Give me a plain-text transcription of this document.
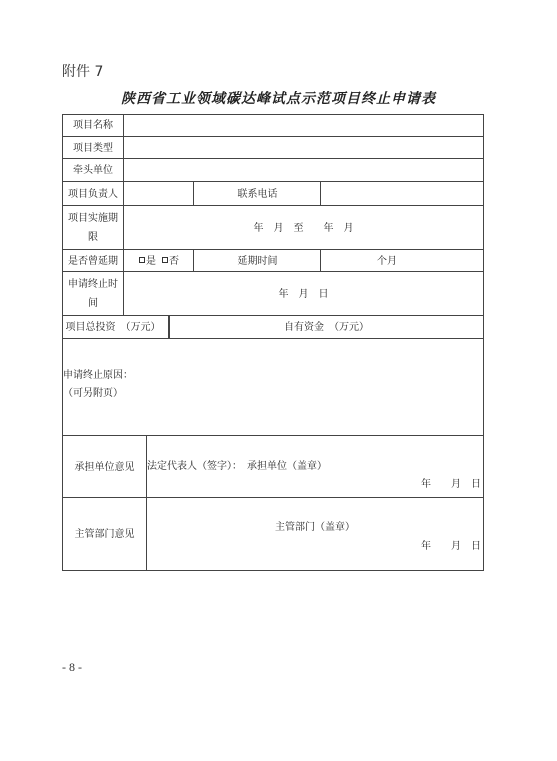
附件 7
陕西省工业领域碳达峰试点示范项目终止申请表
项目名称
项目类型
牵头单位
项目负责人	联系电话
项目实施期　限
年　月　至　　年　月
是否曾延期	是	否	延期时间	个月
申请终止时　间
年　月　日
项目总投资　（万元）	自有资金　（万元）
申请终止原因：
（可另附页）
承担单位意见	法定代表人（签字）：　承担单位（盖章）
年　　月　日
主管部门意见
主管部门（盖章）
年　　月　日
- 8 -
